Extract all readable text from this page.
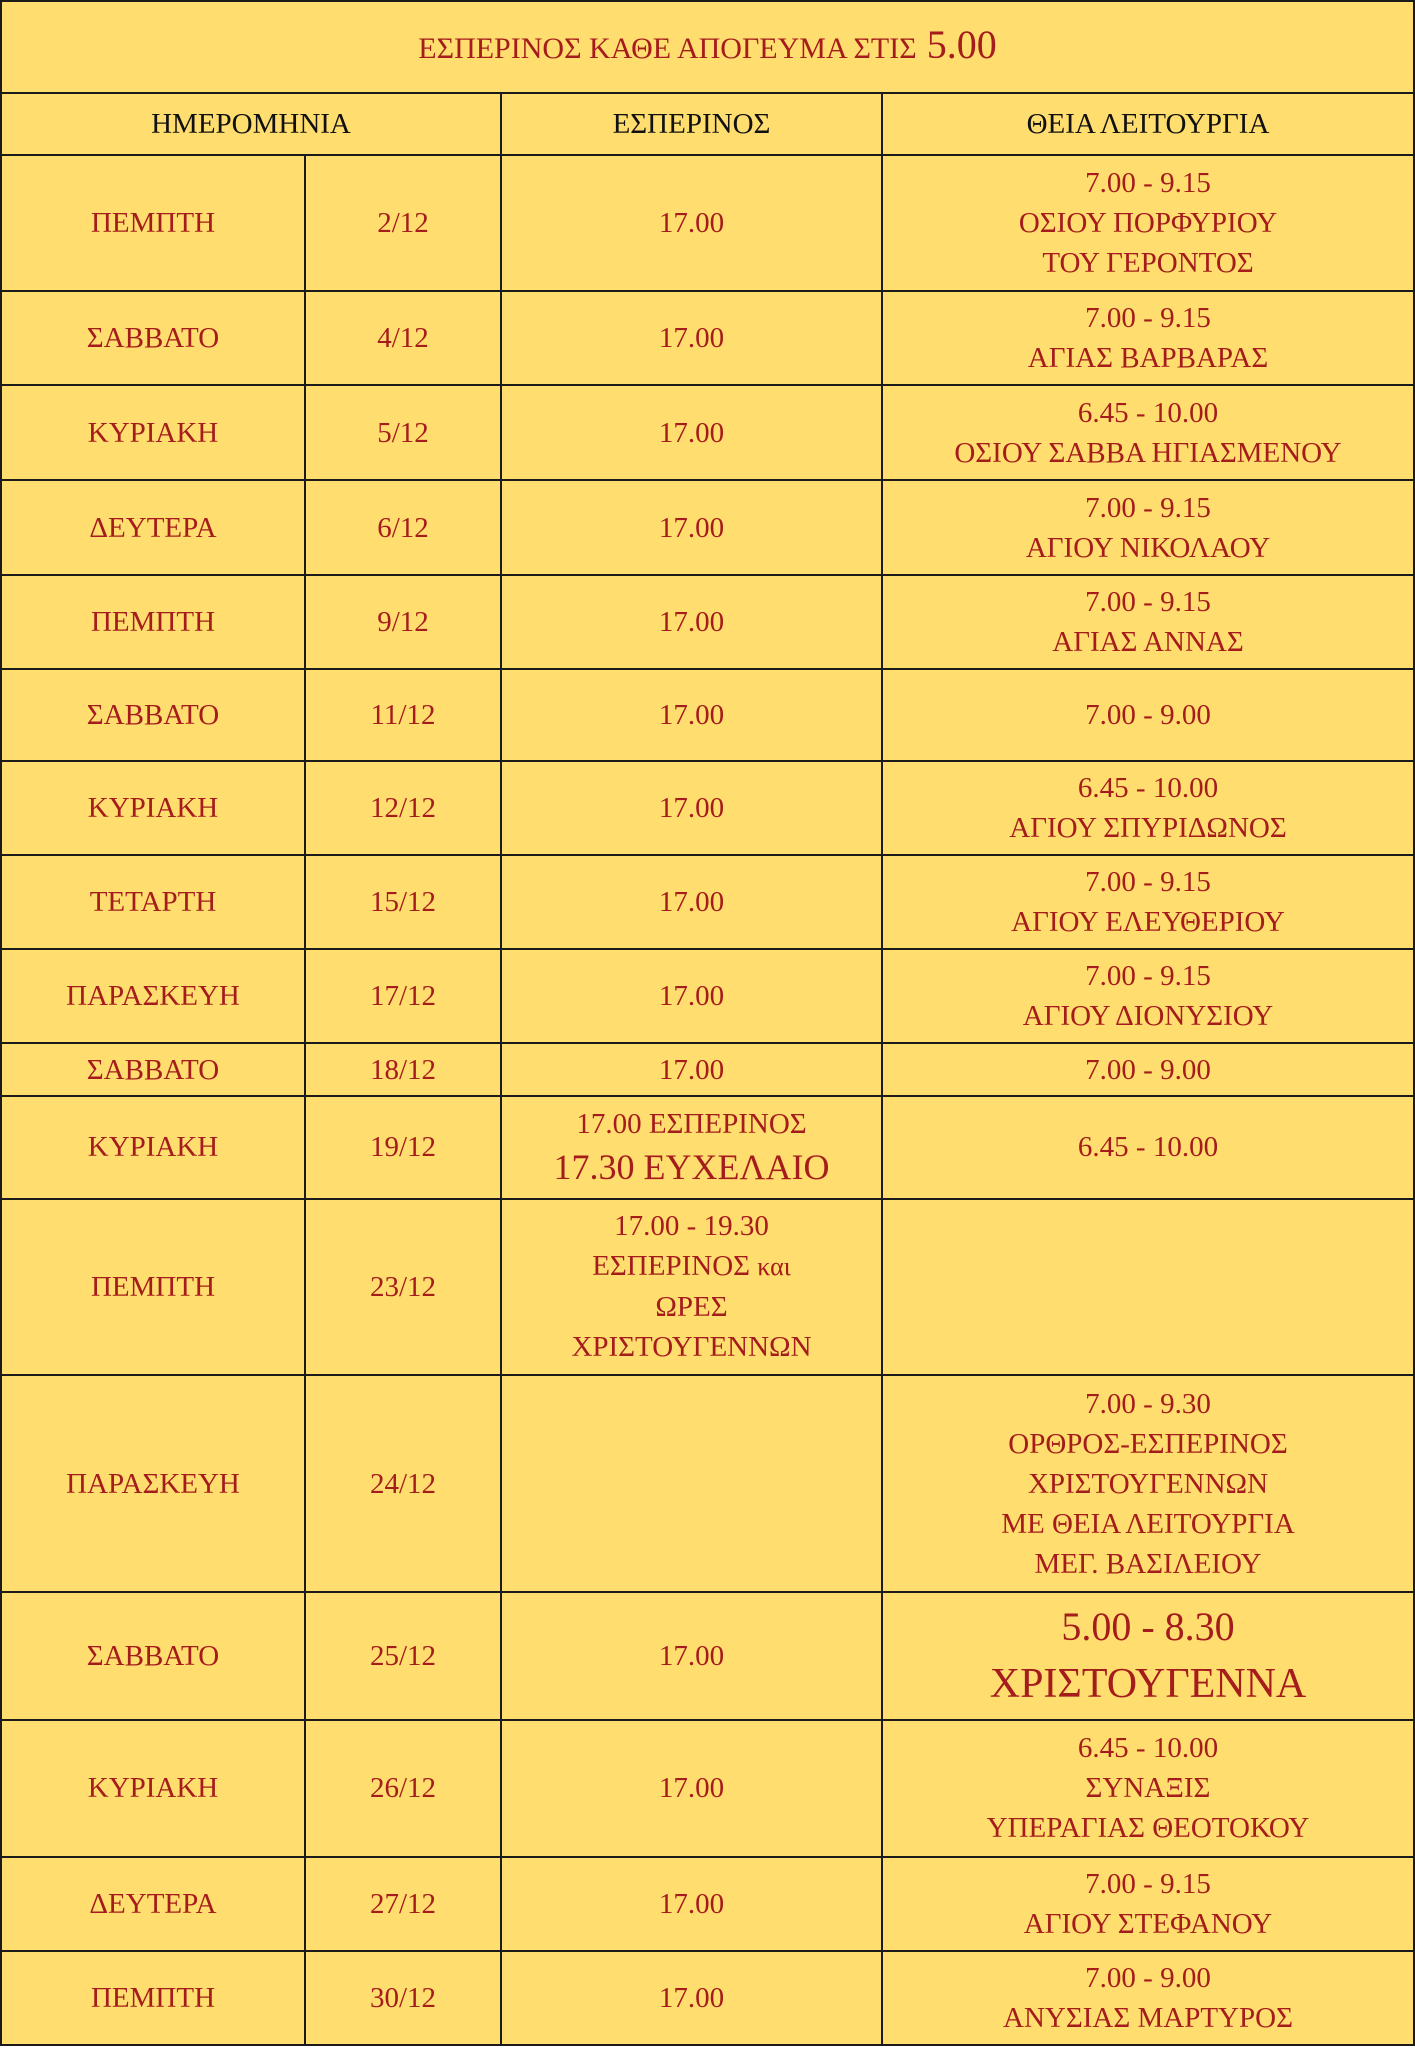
ΕΣΠΕΡΙΝΟΣ ΚΑΘΕ ΑΠΟΓΕΥΜΑ ΣΤΙΣ 5.00			
ΗΜΕΡΟΜΗΝΙΑ		ΕΣΠΕΡΙΝΟΣ	ΘΕΙΑ ΛΕΙΤΟΥΡΓΙΑ
ΠΕΜΠΤΗ	2/12	17.00	7.00 - 9.15
ΟΣΙΟΥ ΠΟΡΦΥΡΙΟΥ
ΤΟΥ ΓΕΡΟΝΤΟΣ

ΣΑΒΒΑΤΟ	4/12	17.00	7.00 - 9.15
ΑΓΙΑΣ ΒΑΡΒΑΡΑΣ

ΚΥΡΙΑΚΗ	5/12	17.00	6.45 - 10.00
ΟΣΙΟΥ ΣΑΒΒΑ ΗΓΙΑΣΜΕΝΟΥ

ΔΕΥΤΕΡΑ	6/12	17.00	7.00 - 9.15
ΑΓΙΟΥ ΝΙΚΟΛΑΟΥ

ΠΕΜΠΤΗ	9/12	17.00	7.00 - 9.15
ΑΓΙΑΣ ΑΝΝΑΣ

ΣΑΒΒΑΤΟ	11/12	17.00	7.00 - 9.00

ΚΥΡΙΑΚΗ	12/12	17.00	6.45 - 10.00
ΑΓΙΟΥ ΣΠΥΡΙΔΩΝΟΣ

ΤΕΤΑΡΤΗ	15/12	17.00	7.00 - 9.15
ΑΓΙΟΥ ΕΛΕΥΘΕΡΙΟΥ

ΠΑΡΑΣΚΕΥΗ	17/12	17.00	7.00 - 9.15
ΑΓΙΟΥ ΔΙΟΝΥΣΙΟΥ

ΣΑΒΒΑΤΟ	18/12	17.00	7.00 - 9.00

ΚΥΡΙΑΚΗ	19/12	17.00 ΕΣΠΕΡΙΝΟΣ
17.30 ΕΥΧΕΛΑΙΟ	6.45 - 10.00

ΠΕΜΠΤΗ	23/12	17.00 - 19.30
ΕΣΠΕΡΙΝΟΣ και
ΩΡΕΣ
ΧΡΙΣΤΟΥΓΕΝΝΩΝ	

ΠΑΡΑΣΚΕΥΗ	24/12		7.00 - 9.30
ΟΡΘΡΟΣ-ΕΣΠΕΡΙΝΟΣ
ΧΡΙΣΤΟΥΓΕΝΝΩΝ
ΜΕ ΘΕΙΑ ΛΕΙΤΟΥΡΓΙΑ
ΜΕΓ. ΒΑΣΙΛΕΙΟΥ

ΣΑΒΒΑΤΟ	25/12	17.00	5.00 - 8.30
ΧΡΙΣΤΟΥΓΕΝΝΑ

ΚΥΡΙΑΚΗ	26/12	17.00	6.45 - 10.00
ΣΥΝΑΞΙΣ
ΥΠΕΡΑΓΙΑΣ ΘΕΟΤΟΚΟΥ

ΔΕΥΤΕΡΑ	27/12	17.00	7.00 - 9.15
ΑΓΙΟΥ ΣΤΕΦΑΝΟΥ

ΠΕΜΠΤΗ	30/12	17.00	7.00 - 9.00
ΑΝΥΣΙΑΣ ΜΑΡΤΥΡΟΣ
